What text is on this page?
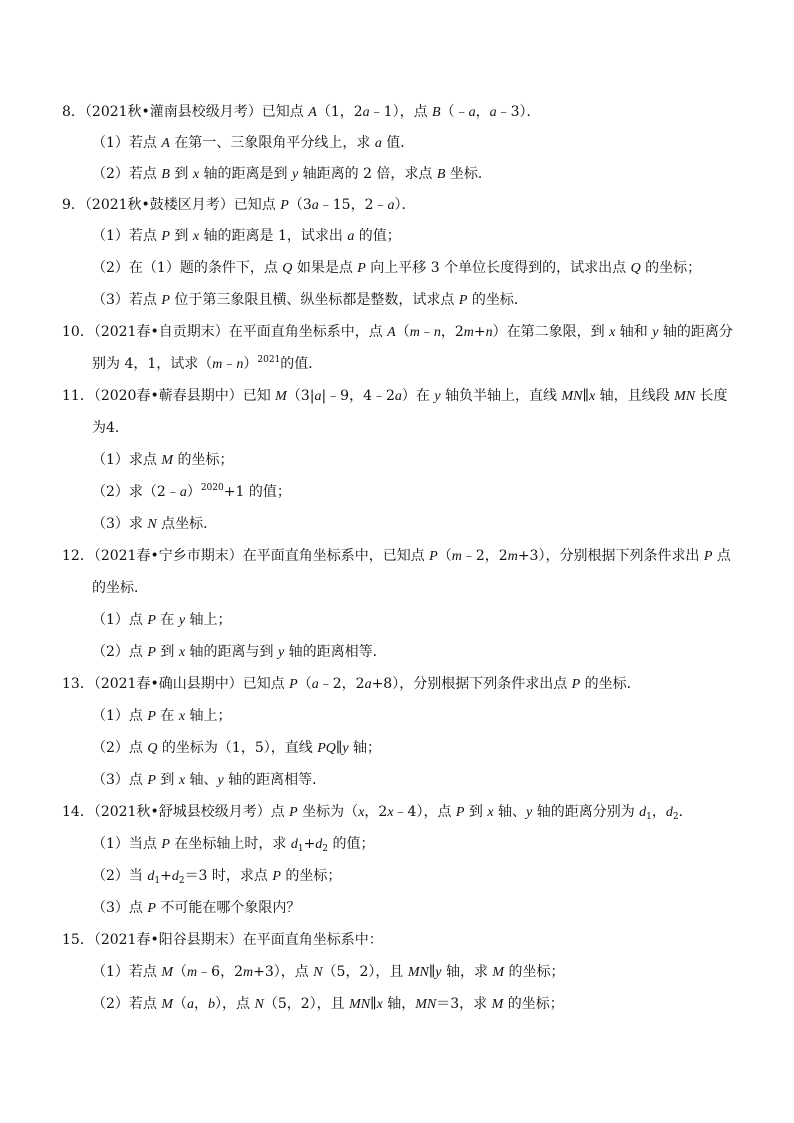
8．（2021秋•灌南县校级月考）已知点 A（1，2a﹣1），点 B（﹣a，a﹣3）．
（1）若点 A 在第一、三象限角平分线上，求 a 值．
（2）若点 B 到 x 轴的距离是到 y 轴距离的 2 倍，求点 B 坐标．
9．（2021秋•鼓楼区月考）已知点 P（3a﹣15，2﹣a）．
（1）若点 P 到 x 轴的距离是 1，试求出 a 的值；
（2）在（1）题的条件下，点 Q 如果是点 P 向上平移 3 个单位长度得到的，试求出点 Q 的坐标；
（3）若点 P 位于第三象限且横、纵坐标都是整数，试求点 P 的坐标．
10．（2021春•自贡期末）在平面直角坐标系中，点 A（m﹣n，2m+n）在第二象限，到 x 轴和 y 轴的距离分
别为 4，1，试求（m﹣n）$^{2021}$的值．
11．（2020春•蕲春县期中）已知 M（3|a|﹣9，4﹣2a）在 y 轴负半轴上，直线 MN∥x 轴，且线段 MN 长度
为4．
（1）求点 M 的坐标；
（2）求（2﹣a）$^{2020}$+1 的值；
（3）求 N 点坐标．
12．（2021春•宁乡市期末）在平面直角坐标系中，已知点 P（m﹣2，2m+3），分别根据下列条件求出 P 点
的坐标．
（1）点 P 在 y 轴上；
（2）点 P 到 x 轴的距离与到 y 轴的距离相等．
13．（2021春•确山县期中）已知点 P（a﹣2，2a+8），分别根据下列条件求出点 P 的坐标．
（1）点 P 在 x 轴上；
（2）点 Q 的坐标为（1，5），直线 PQ∥y 轴；
（3）点 P 到 x 轴、y 轴的距离相等．
14．（2021秋•舒城县校级月考）点 P 坐标为（x，2x﹣4），点 P 到 x 轴、y 轴的距离分别为 $d_1$，$d_2$．
（1）当点 P 在坐标轴上时，求 $d_1+d_2$ 的值；
（2）当 $d_1+d_2=3$ 时，求点 P 的坐标；
（3）点 P 不可能在哪个象限内？
15．（2021春•阳谷县期末）在平面直角坐标系中：
（1）若点 M（m﹣6，2m+3），点 N（5，2），且 MN∥y 轴，求 M 的坐标；
（2）若点 M（a，b），点 N（5，2），且 MN∥x 轴，MN＝3，求 M 的坐标；
